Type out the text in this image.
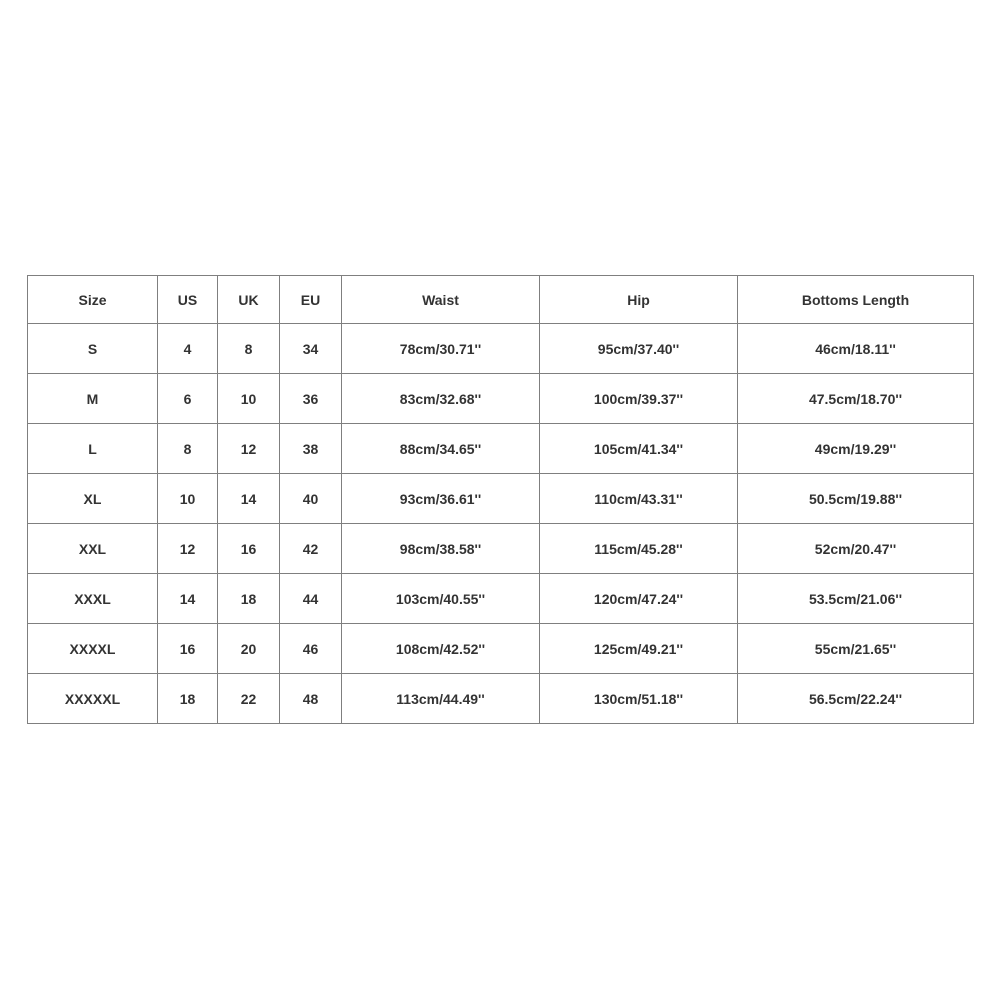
Size	US	UK	EU	Waist	Hip	Bottoms Length
S	4	8	34	78cm/30.71''	95cm/37.40''	46cm/18.11''
M	6	10	36	83cm/32.68''	100cm/39.37''	47.5cm/18.70''
L	8	12	38	88cm/34.65''	105cm/41.34''	49cm/19.29''
XL	10	14	40	93cm/36.61''	110cm/43.31''	50.5cm/19.88''
XXL	12	16	42	98cm/38.58''	115cm/45.28''	52cm/20.47''
XXXL	14	18	44	103cm/40.55''	120cm/47.24''	53.5cm/21.06''
XXXXL	16	20	46	108cm/42.52''	125cm/49.21''	55cm/21.65''
XXXXXL	18	22	48	113cm/44.49''	130cm/51.18''	56.5cm/22.24''
